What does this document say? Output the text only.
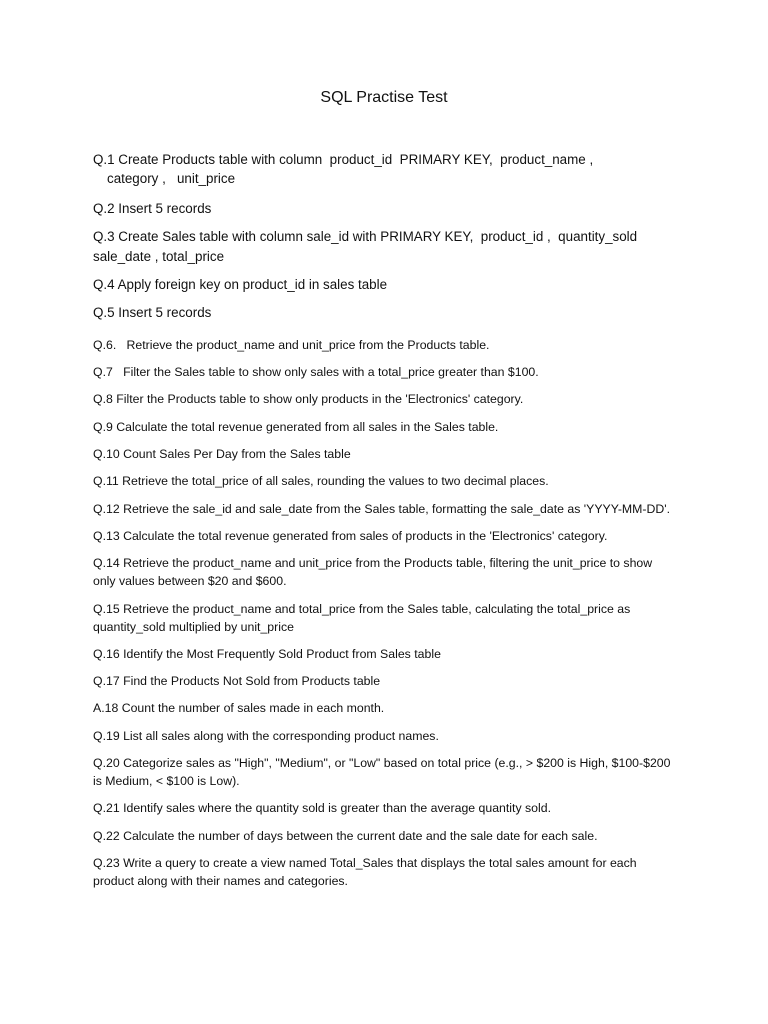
SQL Practise Test
Q.1 Create Products table with column  product_id  PRIMARY KEY,  product_name ,
category ,   unit_price
Q.2 Insert 5 records
Q.3 Create Sales table with column sale_id with PRIMARY KEY,  product_id ,  quantity_sold
sale_date , total_price
Q.4 Apply foreign key on product_id in sales table
Q.5 Insert 5 records
Q.6.   Retrieve the product_name and unit_price from the Products table.
Q.7   Filter the Sales table to show only sales with a total_price greater than $100.
Q.8 Filter the Products table to show only products in the 'Electronics' category.
Q.9 Calculate the total revenue generated from all sales in the Sales table.
Q.10 Count Sales Per Day from the Sales table
Q.11 Retrieve the total_price of all sales, rounding the values to two decimal places.
Q.12 Retrieve the sale_id and sale_date from the Sales table, formatting the sale_date as 'YYYY-MM-DD'.
Q.13 Calculate the total revenue generated from sales of products in the 'Electronics' category.
Q.14 Retrieve the product_name and unit_price from the Products table, filtering the unit_price to show only values between $20 and $600.
Q.15 Retrieve the product_name and total_price from the Sales table, calculating the total_price as quantity_sold multiplied by unit_price
Q.16 Identify the Most Frequently Sold Product from Sales table
Q.17 Find the Products Not Sold from Products table
A.18 Count the number of sales made in each month.
Q.19 List all sales along with the corresponding product names.
Q.20 Categorize sales as "High", "Medium", or "Low" based on total price (e.g., > $200 is High, $100-$200 is Medium, < $100 is Low).
Q.21 Identify sales where the quantity sold is greater than the average quantity sold.
Q.22 Calculate the number of days between the current date and the sale date for each sale.
Q.23 Write a query to create a view named Total_Sales that displays the total sales amount for each product along with their names and categories.
